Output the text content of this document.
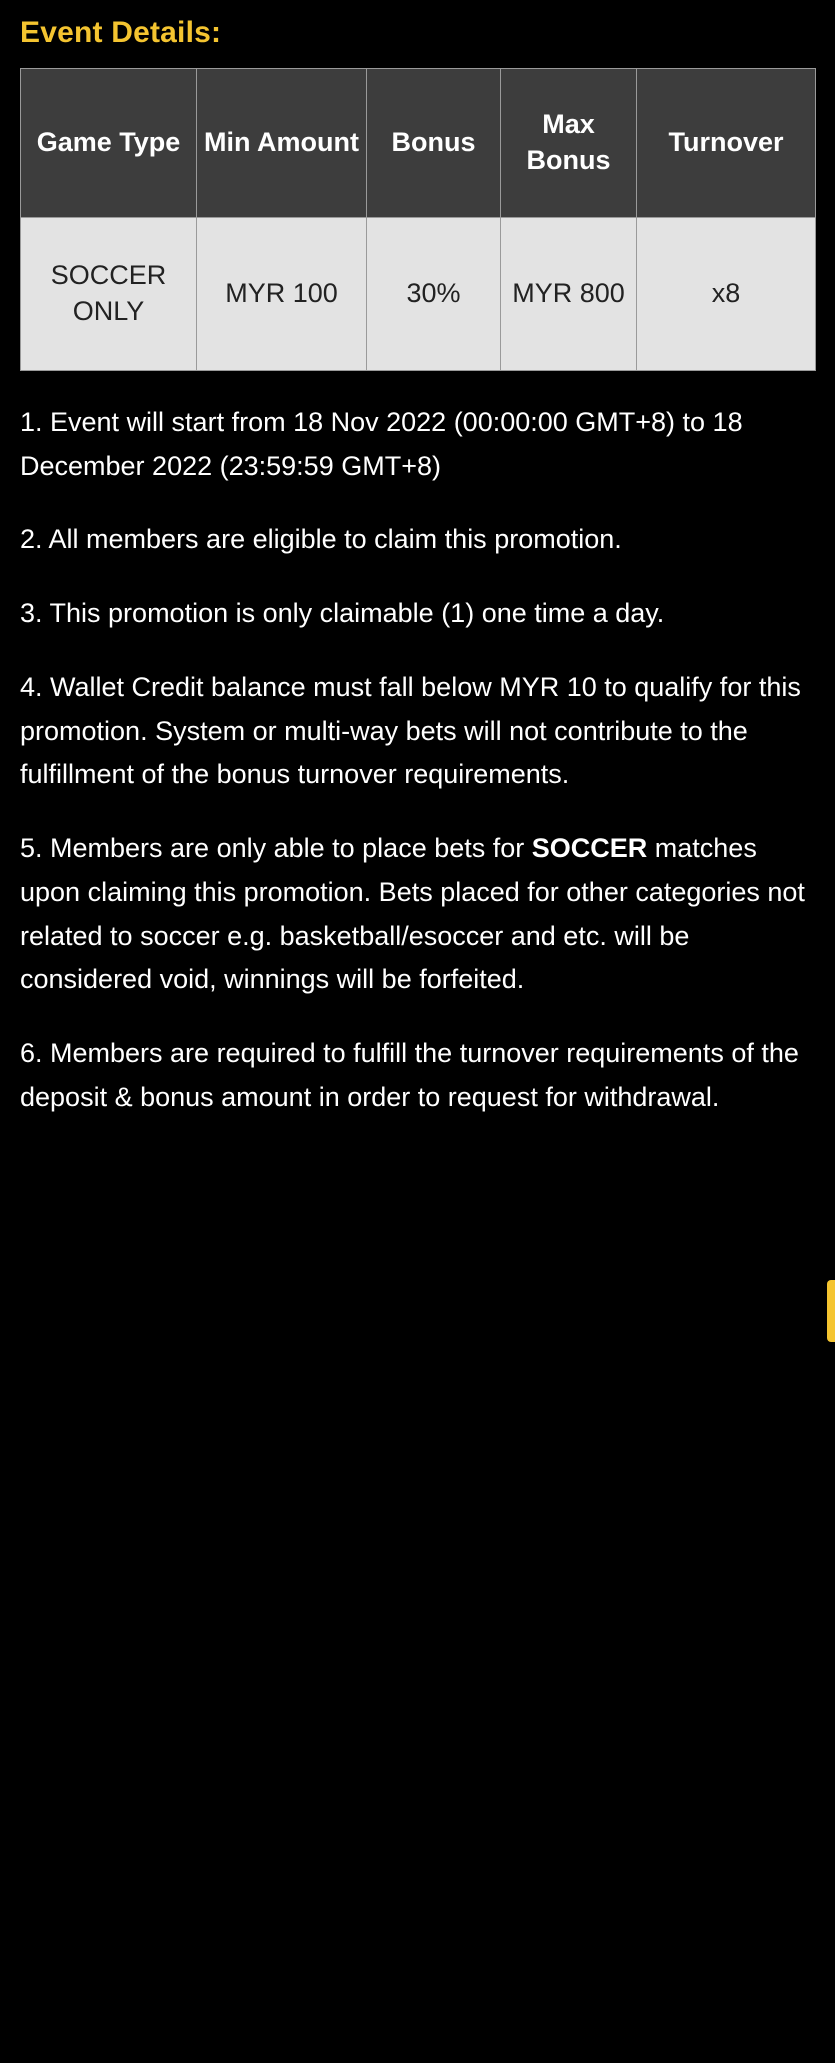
Event Details:
Game Type	Min Amount	Bonus	Max Bonus	Turnover
SOCCER ONLY	MYR 100	30%	MYR 800	x8

1. Event will start from 18 Nov 2022 (00:00:00 GMT+8) to 18 December 2022 (23:59:59 GMT+8)

2. All members are eligible to claim this promotion.

3. This promotion is only claimable (1) one time a day.

4. Wallet Credit balance must fall below MYR 10 to qualify for this promotion. System or multi-way bets will not contribute to the fulfillment of the bonus turnover requirements.

5. Members are only able to place bets for SOCCER matches upon claiming this promotion. Bets placed for other categories not related to soccer e.g. basketball/esoccer and etc. will be considered void, winnings will be forfeited.

6. Members are required to fulfill the turnover requirements of the deposit & bonus amount in order to request for withdrawal.
